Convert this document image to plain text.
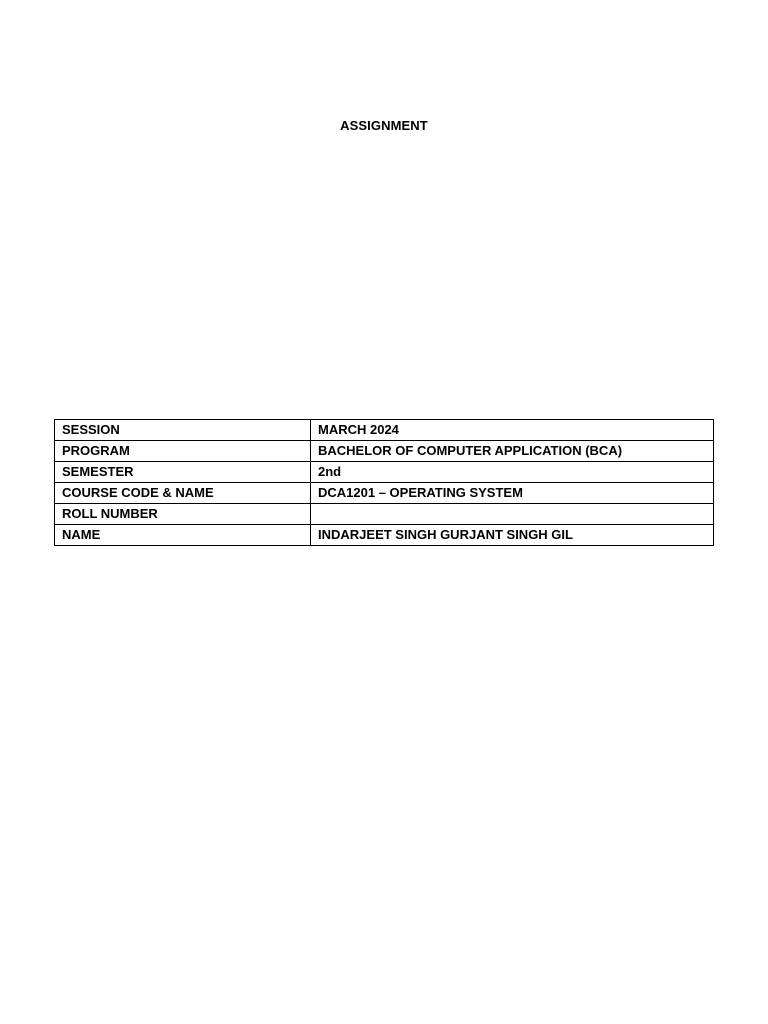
ASSIGNMENT
SESSION	MARCH 2024
PROGRAM	BACHELOR OF COMPUTER APPLICATION (BCA)
SEMESTER	2nd
COURSE CODE & NAME	DCA1201 – OPERATING SYSTEM
ROLL NUMBER	
NAME	INDARJEET SINGH GURJANT SINGH GIL
